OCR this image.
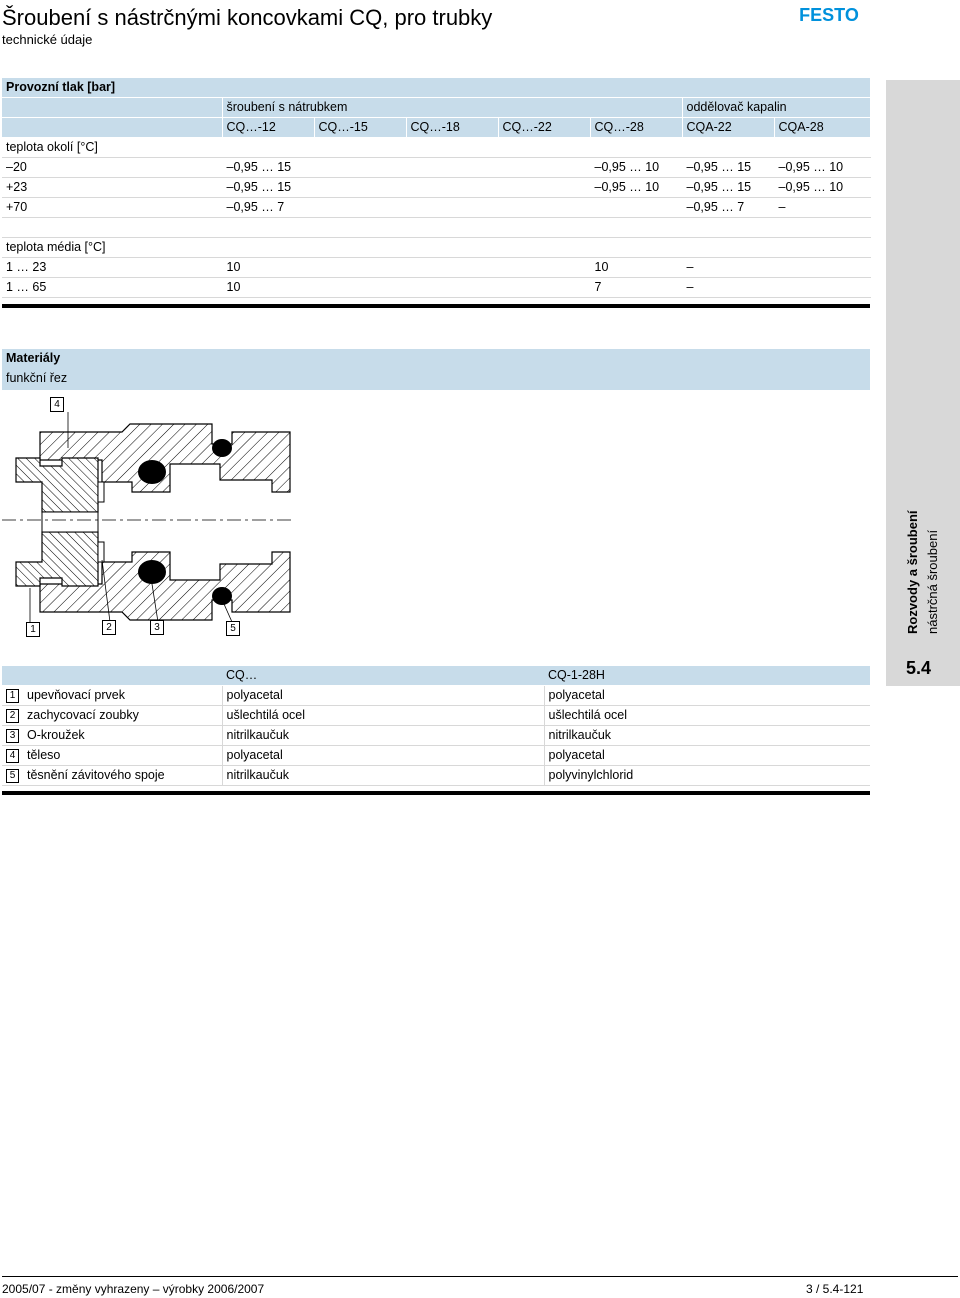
Šroubení s nástrčnými koncovkami CQ, pro trubky
technické údaje
FESTO
Rozvody a šroubení nástrčná šroubení
5.4
Provozní tlak [bar]							
	šroubení s nátrubkem					oddělovač kapalin	
	CQ…-12	CQ…-15	CQ…-18	CQ…-22	CQ…-28	CQA-22	CQA-28
teplota okolí [°C]							
–20	–0,95 … 15				–0,95 … 10	–0,95 … 15	–0,95 … 10
+23	–0,95 … 15				–0,95 … 10	–0,95 … 15	–0,95 … 10
+70	–0,95 … 7					–0,95 … 7	–

teplota média [°C]							
1 … 23	10				10	–	
1 … 65	10				7	–	
Materiály
funkční řez
4
1	2	3	5
	CQ…	CQ-1-28H
1 upevňovací prvek	polyacetal	polyacetal
2 zachycovací zoubky	ušlechtilá ocel	ušlechtilá ocel
3 O-kroužek	nitrilkaučuk	nitrilkaučuk
4 těleso	polyacetal	polyacetal
5 těsnění závitového spoje	nitrilkaučuk	polyvinylchlorid
2005/07 - změny vyhrazeny – výrobky 2006/2007	3 / 5.4-121
